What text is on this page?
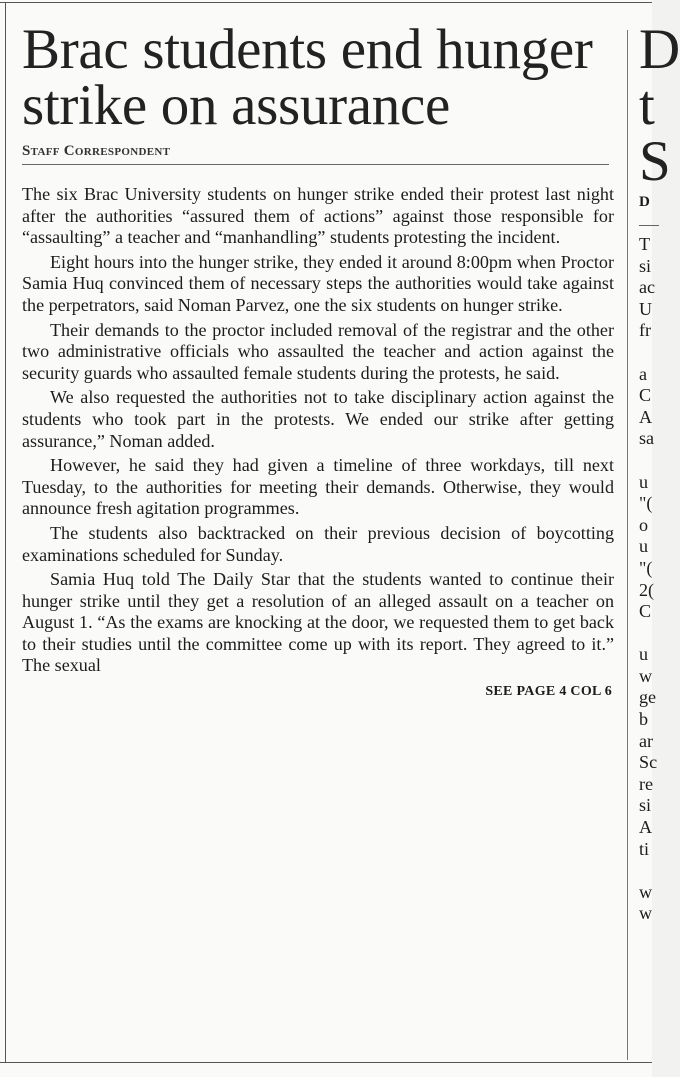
Brac students end hunger strike on assurance
Staff Correspondent

The six Brac University students on hunger strike ended their protest last night after the authorities “assured them of actions” against those responsible for “assaulting” a teacher and “manhandling” students protesting the incident.

Eight hours into the hunger strike, they ended it around 8:00pm when Proctor Samia Huq convinced them of necessary steps the authorities would take against the perpetrators, said Noman Parvez, one the six students on hunger strike.

Their demands to the proctor included removal of the registrar and the other two administrative officials who assaulted the teacher and action against the security guards who assaulted female students during the protests, he said.

We also requested the authorities not to take disciplinary action against the students who took part in the protests. We ended our strike after getting assurance,” Noman added.

However, he said they had given a timeline of three workdays, till next Tuesday, to the authorities for meeting their demands. Otherwise, they would announce fresh agitation programmes.

The students also backtracked on their previous decision of boycotting examinations scheduled for Sunday.

Samia Huq told The Daily Star that the students wanted to continue their hunger strike until they get a resolution of an alleged assault on a teacher on August 1. “As the exams are knocking at the door, we requested them to get back to their studies until the committee come up with its report. They agreed to it.” The sexual

SEE PAGE 4 COL 6
D
t
S
D
T
si
ac
U
fr

a
C
A
sa

u
"(
o
u
"(
2(
C

u
w
ge
b
ar
Sc
re
si
A
ti

w
w
